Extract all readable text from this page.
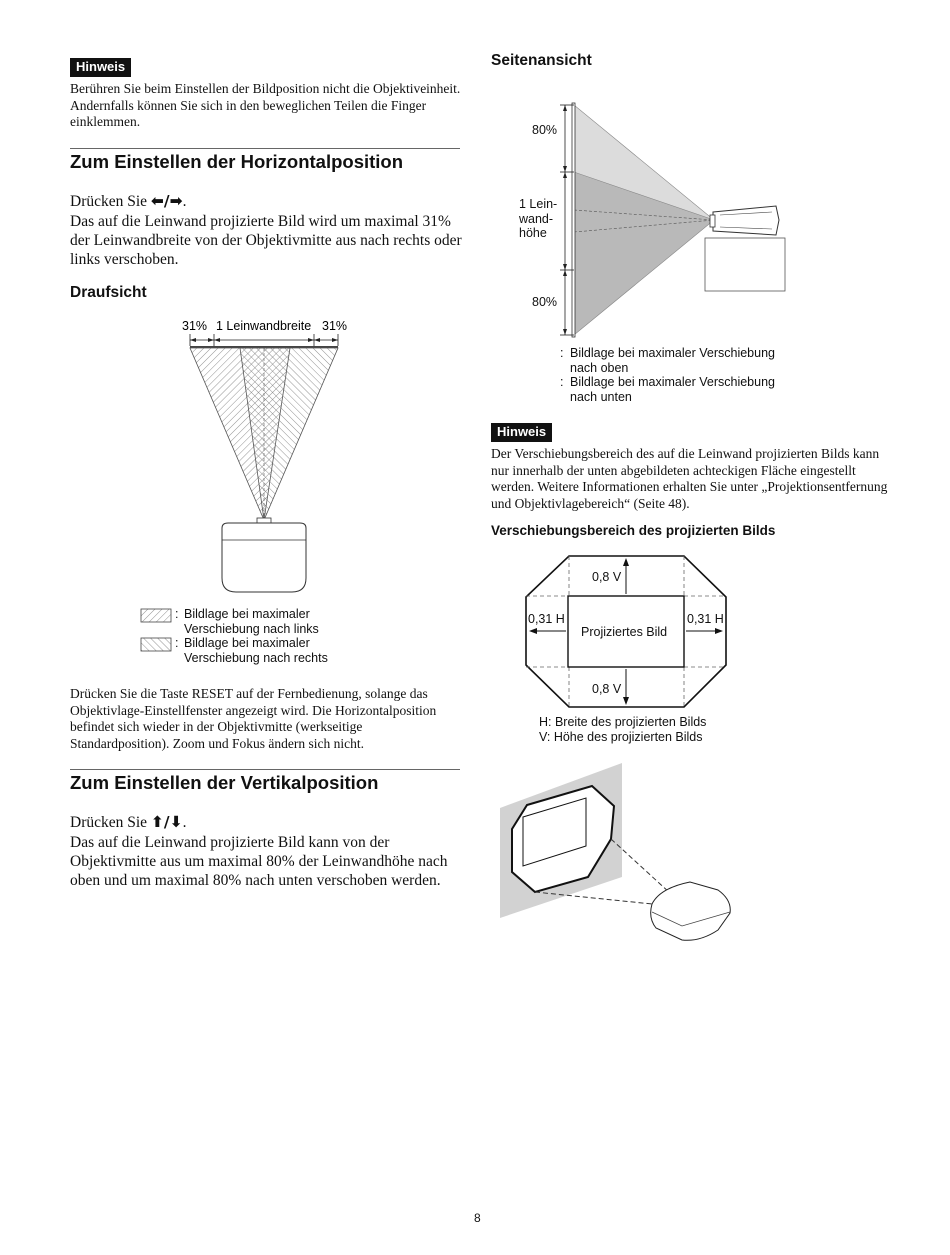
Hinweis

Berühren Sie beim Einstellen der Bildposition nicht die Objektiveinheit. Andernfalls können Sie sich in den beweglichen Teilen die Finger einklemmen.

Zum Einstellen der Horizontalposition

Drücken Sie ⬅/➡.

Das auf die Leinwand projizierte Bild wird um maximal 31% der Leinwandbreite von der Objektivmitte aus nach rechts oder links verschoben.

Draufsicht
31% 1 Leinwandbreite 31%
: Bildlage bei maximaler
Verschiebung nach links
: Bildlage bei maximaler
Verschiebung nach rechts

Drücken Sie die Taste RESET auf der Fernbedienung, solange das Objektivlage-Einstellfenster angezeigt wird. Die Horizontalposition befindet sich wieder in der Objektivmitte (werkseitige Standardposition). Zoom und Fokus ändern sich nicht.

Zum Einstellen der Vertikalposition

Drücken Sie ⬆/⬇.

Das auf die Leinwand projizierte Bild kann von der Objektivmitte aus um maximal 80% der Leinwandhöhe nach oben und um maximal 80% nach unten verschoben werden.

Seitenansicht
80%
1 Lein-
wand-
höhe
80%
: Bildlage bei maximaler Verschiebung
nach oben
: Bildlage bei maximaler Verschiebung
nach unten
Hinweis

Der Verschiebungsbereich des auf die Leinwand projizierten Bilds kann nur innerhalb der unten abgebildeten achteckigen Fläche eingestellt werden. Weitere Informationen erhalten Sie unter „Projektionsentfernung und Objektivlagebereich“ (Seite 48).

Verschiebungsbereich des projizierten Bilds
0,8 V
0,8 V
0,31 H	0,31 H
Projiziertes Bild
H: Breite des projizierten Bilds
V: Höhe des projizierten Bilds
8
